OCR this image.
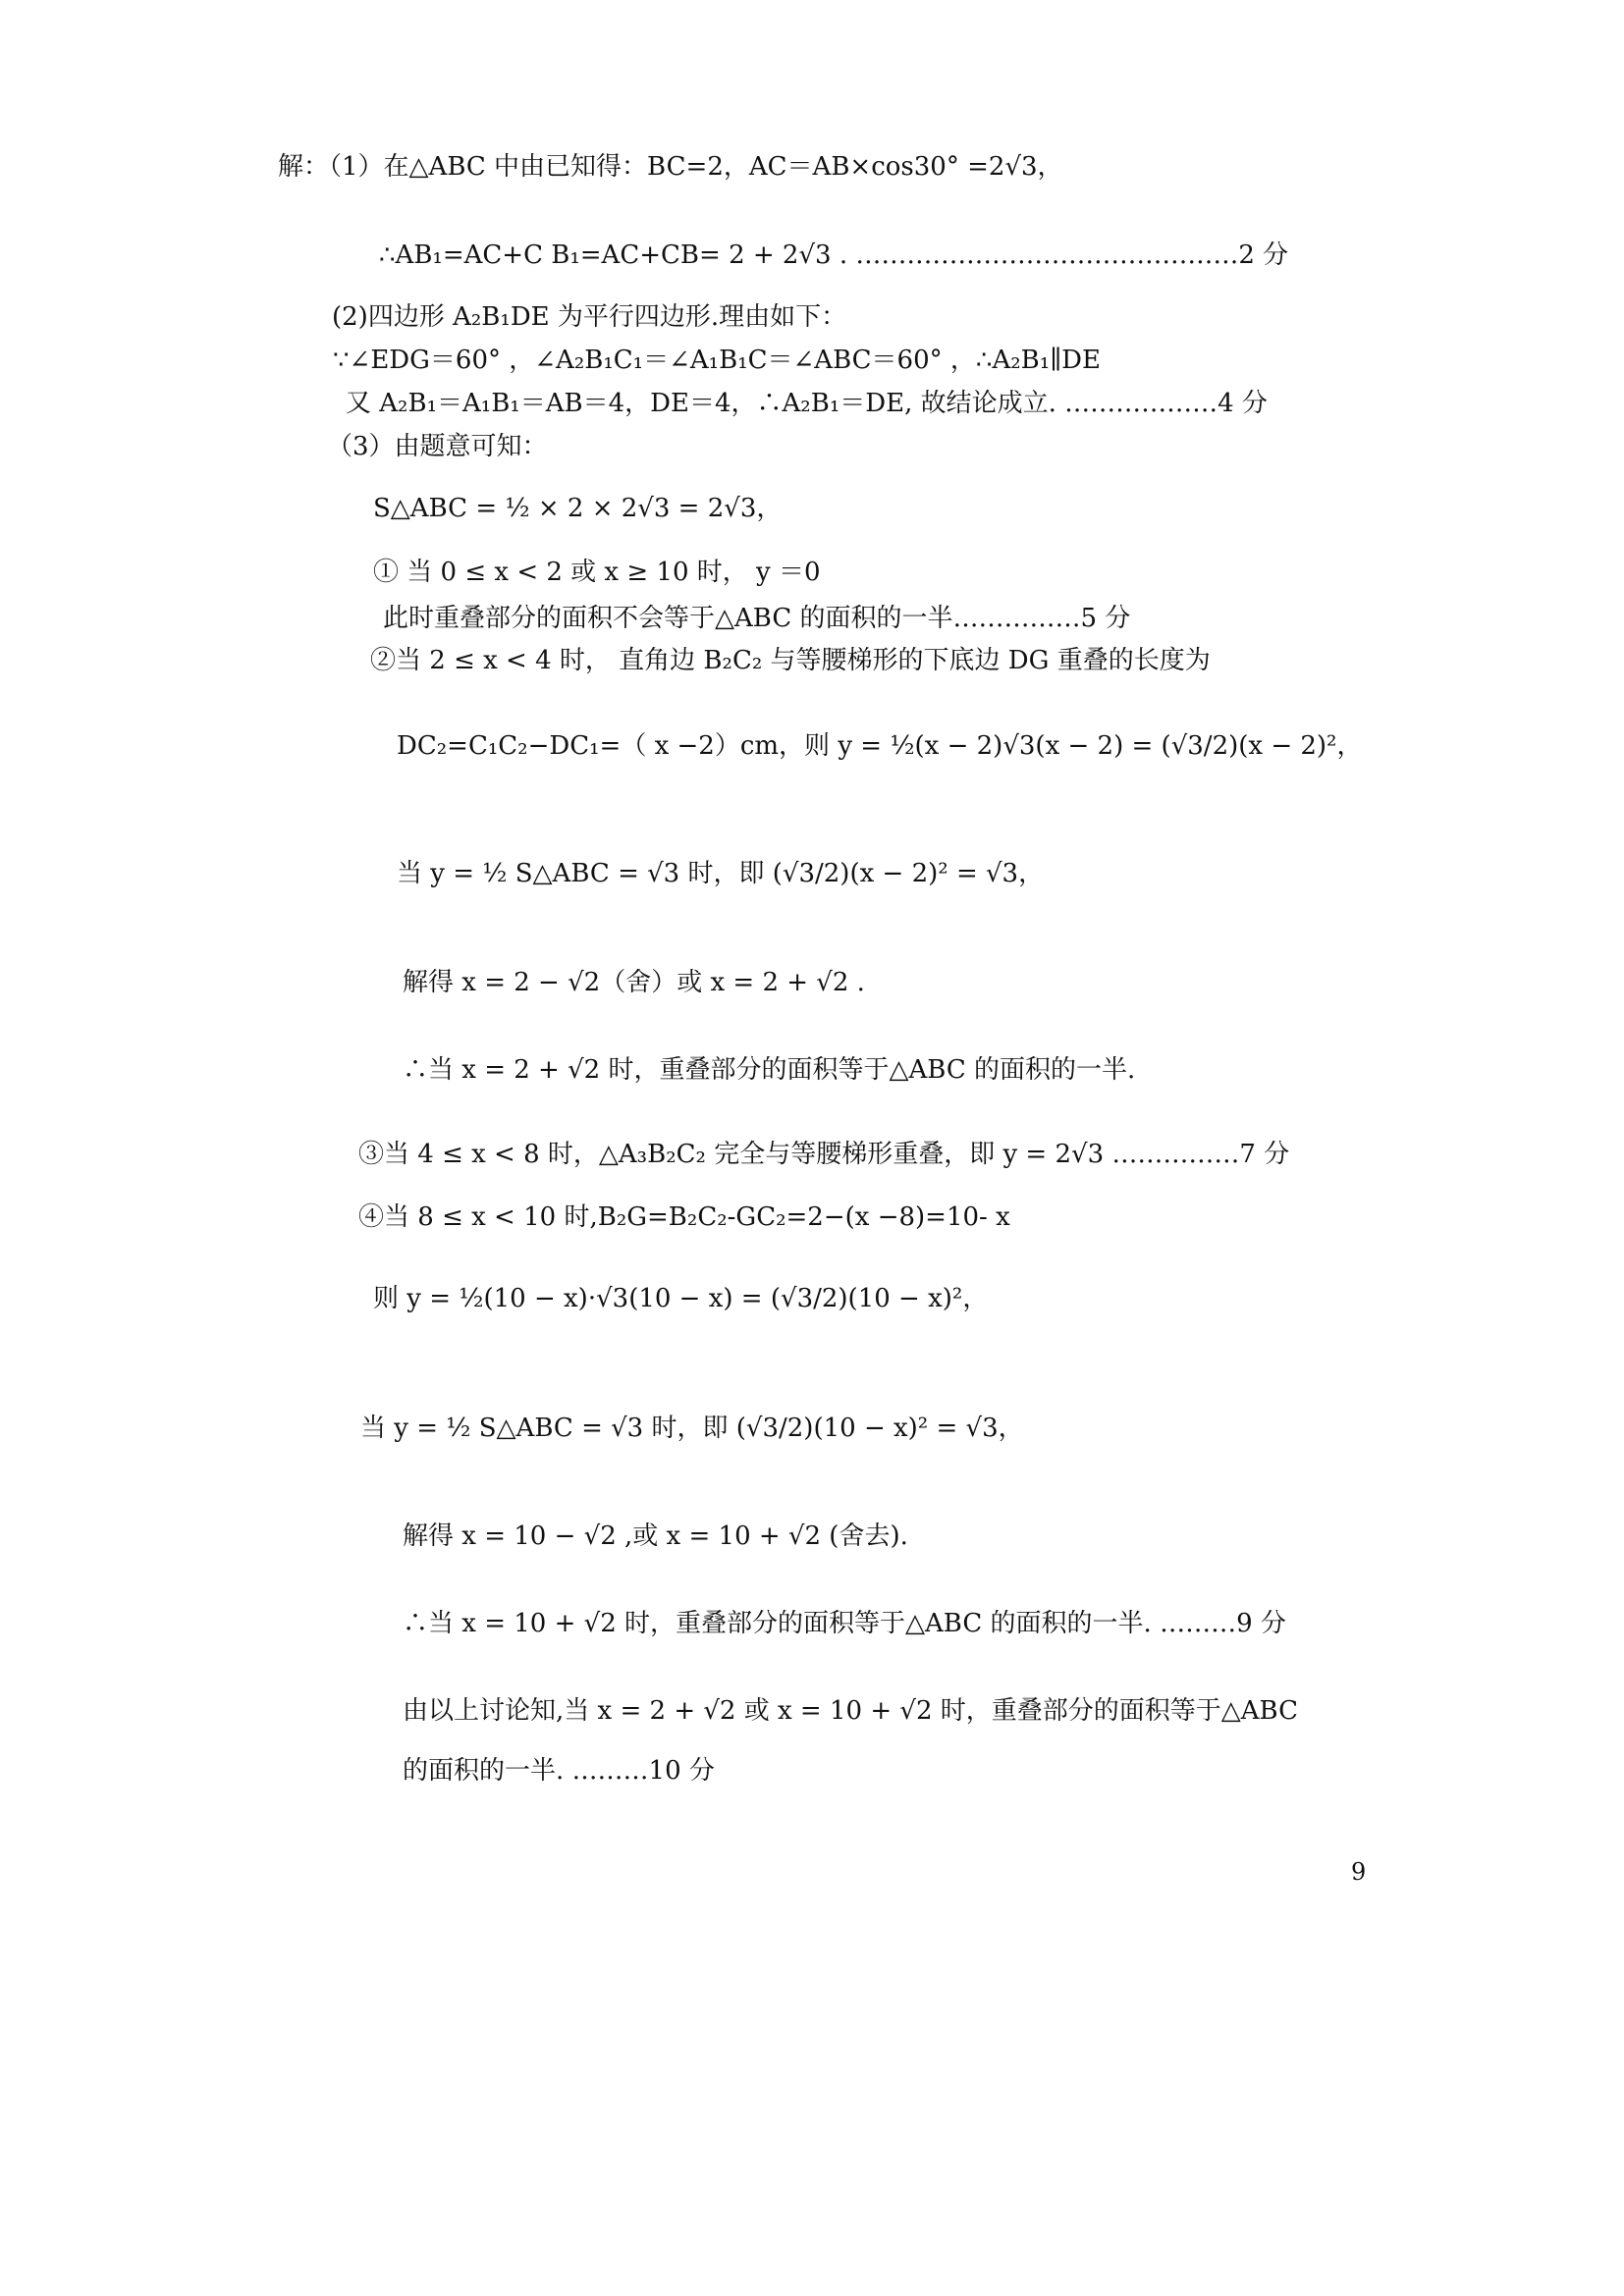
解：（1）在△ABC 中由已知得：BC=2，AC＝AB×cos30° =2√3，
∴AB₁=AC+C B₁=AC+CB= 2 + 2√3 . ………………………………………2 分
(2)四边形 A₂B₁DE 为平行四边形.理由如下：
∵∠EDG＝60° ，∠A₂B₁C₁＝∠A₁B₁C＝∠ABC＝60° ，∴A₂B₁∥DE
又 A₂B₁＝A₁B₁＝AB＝4，DE＝4，∴A₂B₁＝DE, 故结论成立. ………………4 分
（3）由题意可知：
S△ABC = ½ × 2 × 2√3 = 2√3，
① 当 0 ≤ x < 2 或 x ≥ 10 时， y ＝0
此时重叠部分的面积不会等于△ABC 的面积的一半……………5 分
②当 2 ≤ x < 4 时， 直角边 B₂C₂ 与等腰梯形的下底边 DG 重叠的长度为
DC₂=C₁C₂−DC₁=（ x −2）cm，则 y = ½(x − 2)√3(x − 2) = (√3/2)(x − 2)²，
当 y = ½ S△ABC = √3 时，即 (√3/2)(x − 2)² = √3，
解得 x = 2 − √2（舍）或 x = 2 + √2 .
∴当 x = 2 + √2 时，重叠部分的面积等于△ABC 的面积的一半.
③当 4 ≤ x < 8 时，△A₃B₂C₂ 完全与等腰梯形重叠，即 y = 2√3 ……………7 分
④当 8 ≤ x < 10 时,B₂G=B₂C₂-GC₂=2−(x −8)=10- x
则 y = ½(10 − x)·√3(10 − x) = (√3/2)(10 − x)²，
当 y = ½ S△ABC = √3 时，即 (√3/2)(10 − x)² = √3，
解得 x = 10 − √2 ,或 x = 10 + √2 (舍去).
∴当 x = 10 + √2 时，重叠部分的面积等于△ABC 的面积的一半. ………9 分
由以上讨论知,当 x = 2 + √2 或 x = 10 + √2 时，重叠部分的面积等于△ABC
的面积的一半. ………10 分
9
